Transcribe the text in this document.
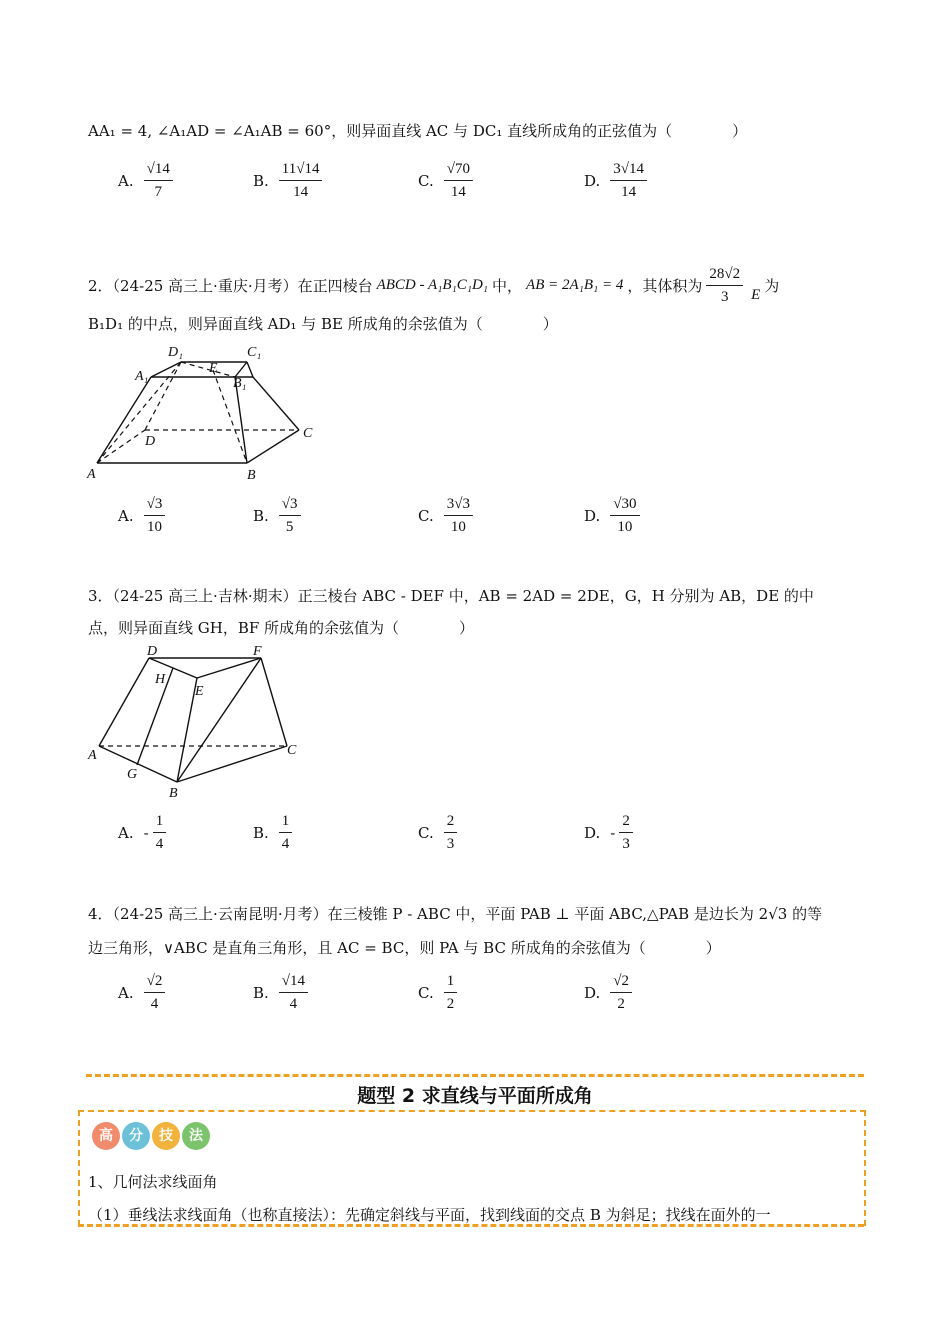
AA₁ = 4, ∠A₁AD = ∠A₁AB = 60°，则异面直线 AC 与 DC₁ 直线所成角的正弦值为（　　　　）
A. $\frac{√14}{7}$	B. $\frac{11√14}{14}$	C. $\frac{√70}{14}$	D. $\frac{3√14}{14}$
2．（24-25 高三上·重庆·月考）在正四棱台 ABCD - A₁B₁C₁D₁ 中， AB = 2A₁B₁ = 4 ，其体积为 $\frac{28√2}{3}$ E 为
B₁D₁ 的中点，则异面直线 AD₁ 与 BE 所成角的余弦值为（　　　　）
D₁	C₁
A₁
E
B₁
D
C
A	B
A. $\frac{√3}{10}$	B. $\frac{√3}{5}$	C. $\frac{3√3}{10}$	D. $\frac{√30}{10}$
3．（24-25 高三上·吉林·期末）正三棱台 ABC - DEF 中，AB = 2AD = 2DE，G，H 分别为 AB，DE 的中
点，则异面直线 GH，BF 所成角的余弦值为（　　　　）
D	F
H
E
A	C
G
B
A. - $\frac{1}{4}$	B. $\frac{1}{4}$	C. $\frac{2}{3}$	D. - $\frac{2}{3}$
4．（24-25 高三上·云南昆明·月考）在三棱锥 P - ABC 中，平面 PAB ⊥ 平面 ABC,△PAB 是边长为 2√3 的等
边三角形，∨ABC 是直角三角形，且 AC = BC，则 PA 与 BC 所成角的余弦值为（　　　　）
A. $\frac{√2}{4}$	B. $\frac{√14}{4}$	C. $\frac{1}{2}$	D. $\frac{√2}{2}$
题型 2 求直线与平面所成角
高	分	技	法
1、几何法求线面角
（1）垂线法求线面角（也称直接法）：先确定斜线与平面，找到线面的交点 B 为斜足；找线在面外的一
